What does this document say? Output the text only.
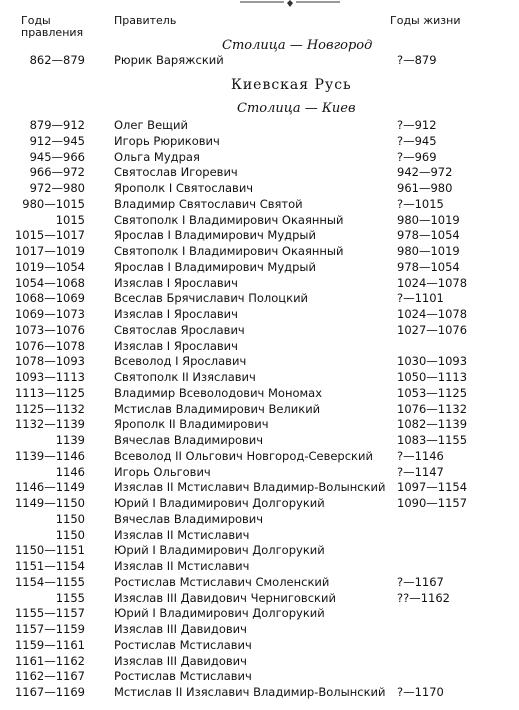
Годы правления
Правитель	Годы жизни
Столица — Новгород
862—879	Рюрик Варяжский	?—879
Киевская Русь
Столица — Киев
879—912	Олег Вещий	?—912
912—945	Игорь Рюрикович	?—945
945—966	Ольга Мудрая	?—969
966—972	Святослав Игоревич	942—972
972—980	Ярополк I Святославич	961—980
980—1015	Владимир Святославич Святой	?—1015
1015	Святополк I Владимирович Окаянный	980—1019
1015—1017	Ярослав I Владимирович Мудрый	978—1054
1017—1019	Святополк I Владимирович Окаянный	980—1019
1019—1054	Ярослав I Владимирович Мудрый	978—1054
1054—1068	Изяслав I Ярославич	1024—1078
1068—1069	Всеслав Брячиславич Полоцкий	?—1101
1069—1073	Изяслав I Ярославич	1024—1078
1073—1076	Святослав Ярославич	1027—1076
1076—1078	Изяслав I Ярославич
1078—1093	Всеволод I Ярославич	1030—1093
1093—1113	Святополк II Изяславич	1050—1113
1113—1125	Владимир Всеволодович Мономах	1053—1125
1125—1132	Мстислав Владимирович Великий	1076—1132
1132—1139	Ярополк II Владимирович	1082—1139
1139	Вячеслав Владимирович	1083—1155
1139—1146	Всеволод II Ольгович Новгород-Северский ?—1146
1146	Игорь Ольгович	?—1147
1146—1149	Изяслав II Мстиславич Владимир-Волынский 1097—1154
1149—1150	Юрий I Владимирович Долгорукий	1090—1157
1150	Вячеслав Владимирович
1150	Изяслав II Мстиславич
1150—1151	Юрий I Владимирович Долгорукий
1151—1154	Изяслав II Мстиславич
1154—1155	Ростислав Мстиславич Смоленский	?—1167
1155	Изяслав III Давидович Черниговский	??—1162
1155—1157	Юрий I Владимирович Долгорукий
1157—1159	Изяслав III Давидович
1159—1161	Ростислав Мстиславич
1161—1162	Изяслав III Давидович
1162—1167	Ростислав Мстиславич
1167—1169	Мстислав II Изяславич Владимир-Волынский ?—1170
